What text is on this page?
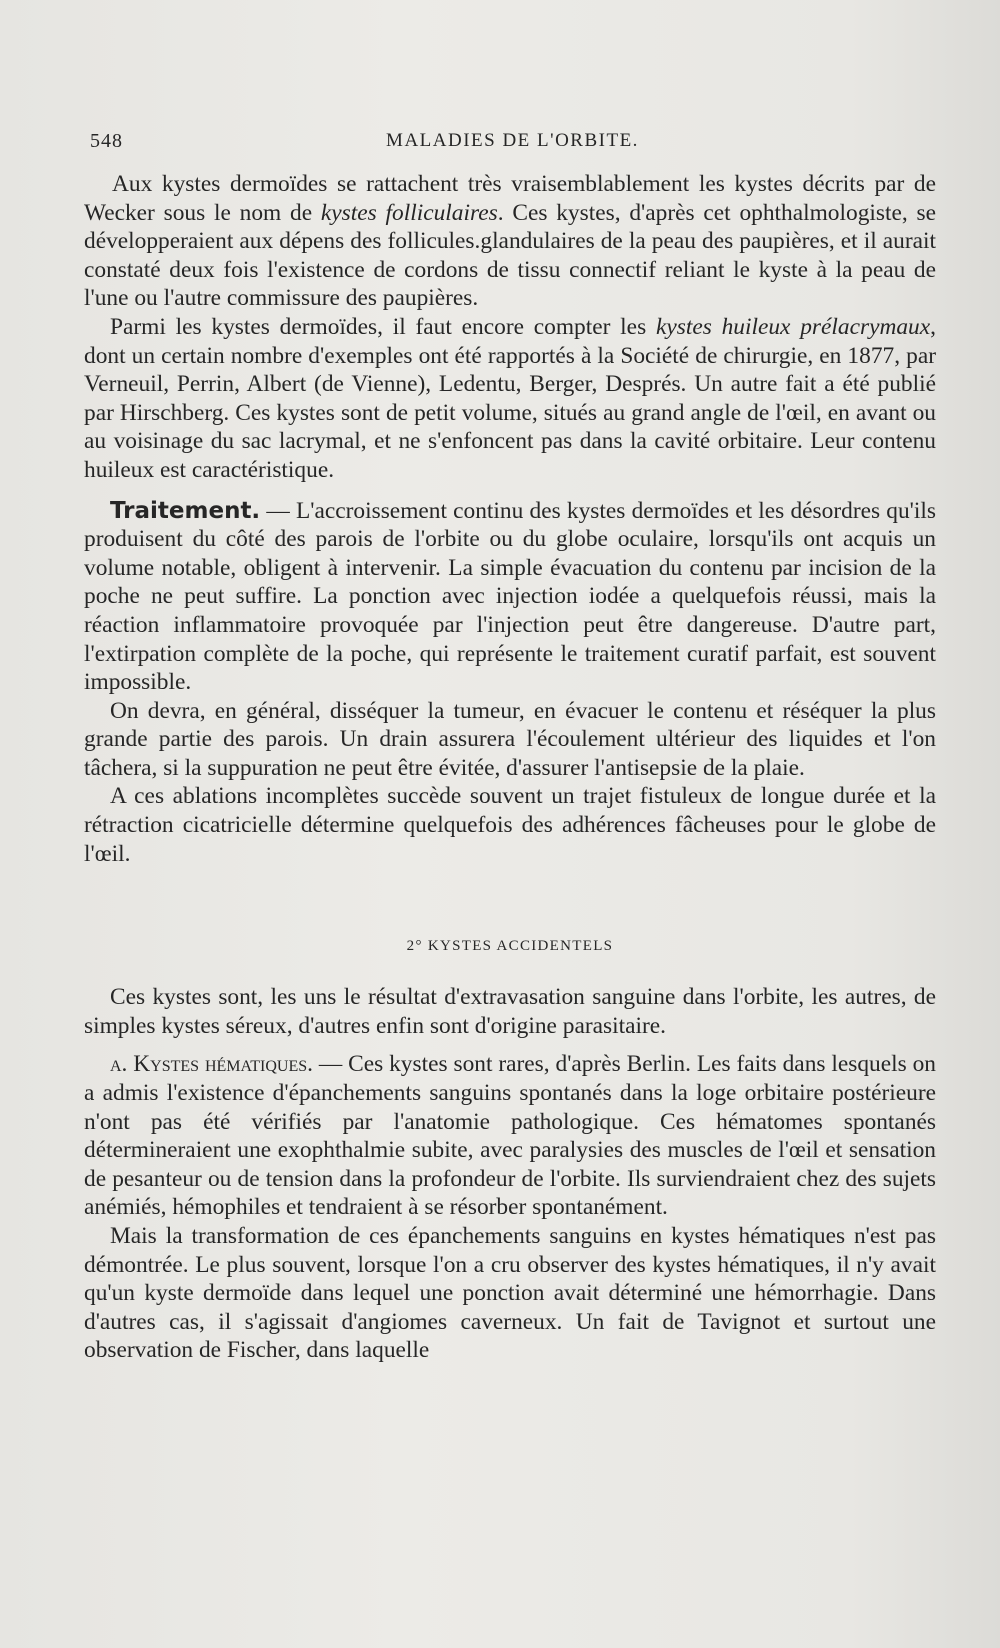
548	MALADIES DE L'ORBITE.

Aux kystes dermoïdes se rattachent très vraisemblablement les kystes décrits par de Wecker sous le nom de kystes folliculaires. Ces kystes, d'après cet ophthalmologiste, se développeraient aux dépens des follicules.glandulaires de la peau des paupières, et il aurait constaté deux fois l'existence de cordons de tissu connectif reliant le kyste à la peau de l'une ou l'autre commissure des paupières.

Parmi les kystes dermoïdes, il faut encore compter les kystes huileux prélacrymaux, dont un certain nombre d'exemples ont été rapportés à la Société de chirurgie, en 1877, par Verneuil, Perrin, Albert (de Vienne), Ledentu, Berger, Després. Un autre fait a été publié par Hirschberg. Ces kystes sont de petit volume, situés au grand angle de l'œil, en avant ou au voisinage du sac lacrymal, et ne s'enfoncent pas dans la cavité orbitaire. Leur contenu huileux est caractéristique.

Traitement. — L'accroissement continu des kystes dermoïdes et les désordres qu'ils produisent du côté des parois de l'orbite ou du globe oculaire, lorsqu'ils ont acquis un volume notable, obligent à intervenir. La simple évacuation du contenu par incision de la poche ne peut suffire. La ponction avec injection iodée a quelquefois réussi, mais la réaction inflammatoire provoquée par l'injection peut être dangereuse. D'autre part, l'extirpation complète de la poche, qui représente le traitement curatif parfait, est souvent impossible.

On devra, en général, disséquer la tumeur, en évacuer le contenu et réséquer la plus grande partie des parois. Un drain assurera l'écoulement ultérieur des liquides et l'on tâchera, si la suppuration ne peut être évitée, d'assurer l'antisepsie de la plaie.

A ces ablations incomplètes succède souvent un trajet fistuleux de longue durée et la rétraction cicatricielle détermine quelquefois des adhérences fâcheuses pour le globe de l'œil.

2° KYSTES ACCIDENTELS

Ces kystes sont, les uns le résultat d'extravasation sanguine dans l'orbite, les autres, de simples kystes séreux, d'autres enfin sont d'origine parasitaire.

a. Kystes hématiques. — Ces kystes sont rares, d'après Berlin. Les faits dans lesquels on a admis l'existence d'épanchements sanguins spontanés dans la loge orbitaire postérieure n'ont pas été vérifiés par l'anatomie pathologique. Ces hématomes spontanés détermineraient une exophthalmie subite, avec paralysies des muscles de l'œil et sensation de pesanteur ou de tension dans la profondeur de l'orbite. Ils surviendraient chez des sujets anémiés, hémophiles et tendraient à se résorber spontanément.

Mais la transformation de ces épanchements sanguins en kystes hématiques n'est pas démontrée. Le plus souvent, lorsque l'on a cru observer des kystes hématiques, il n'y avait qu'un kyste dermoïde dans lequel une ponction avait déterminé une hémorrhagie. Dans d'autres cas, il s'agissait d'angiomes caverneux. Un fait de Tavignot et surtout une observation de Fischer, dans laquelle
